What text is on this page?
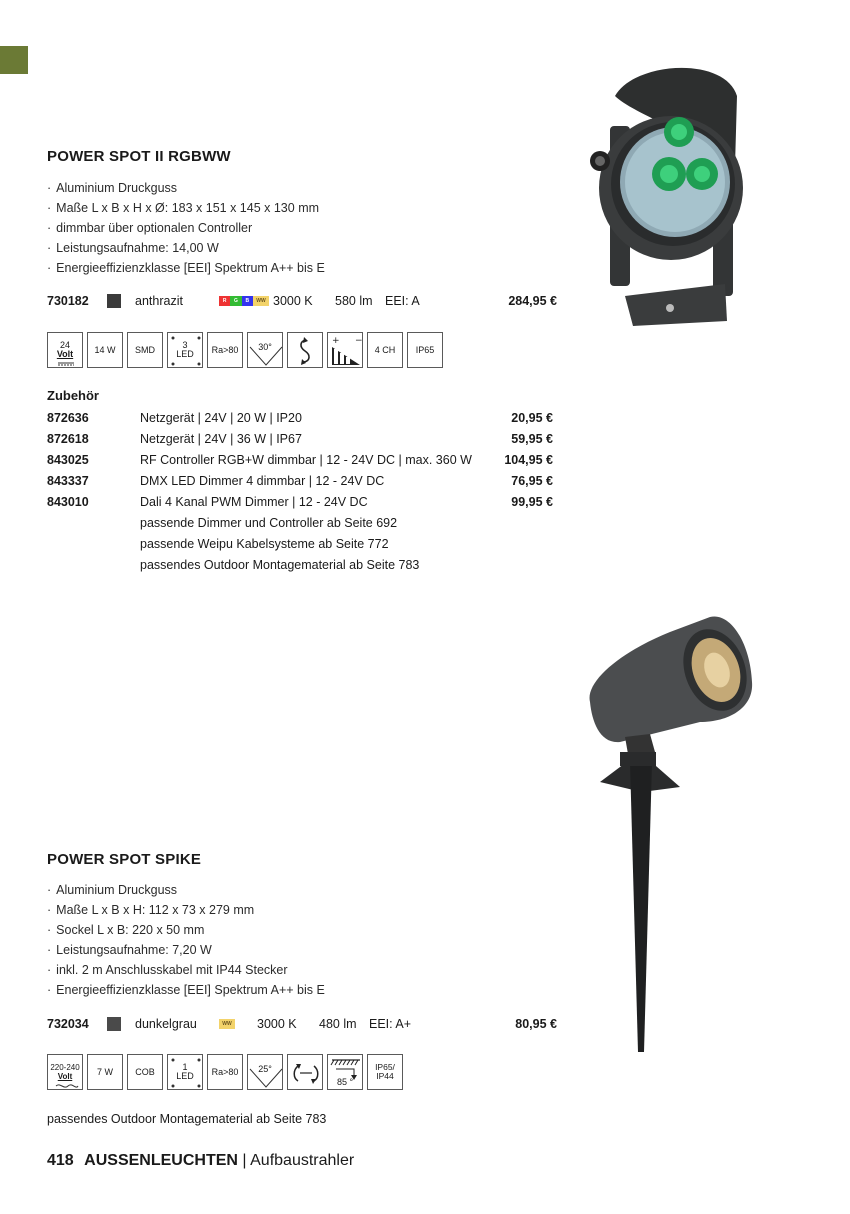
POWER SPOT II RGBWW
· Aluminium Druckguss
· Maße L x B x H x Ø: 183 x 151 x 145 x 130 mm
· dimmbar über optionalen Controller
· Leistungsaufnahme: 14,00 W
· Energieeffizienzklasse [EEI] Spektrum A++ bis E
730182	anthrazit	R	G	B	WW 3000 K	580 lm EEI: A	284,95 €
24
Volt	14 W	SMD	3
LED	Ra>80	30°
+ −
4 CH	IP65
Zubehör
872636	Netzgerät | 24V | 20 W | IP20	20,95 €
872618	Netzgerät | 24V | 36 W | IP67	59,95 €
843025	RF Controller RGB+W dimmbar | 12 - 24V DC | max. 360 W	104,95 €
843337	DMX LED Dimmer 4 dimmbar | 12 - 24V DC	76,95 €
843010	Dali 4 Kanal PWM Dimmer | 12 - 24V DC	99,95 €
	passende Dimmer und Controller ab Seite 692	
	passende Weipu Kabelsysteme ab Seite 772	
	passendes Outdoor Montagematerial ab Seite 783	
POWER SPOT SPIKE
· Aluminium Druckguss
· Maße L x B x H: 112 x 73 x 279 mm
· Sockel L x B: 220 x 50 mm
· Leistungsaufnahme: 7,20 W
· inkl. 2 m Anschlusskabel mit IP44 Stecker
· Energieeffizienzklasse [EEI] Spektrum A++ bis E
732034	dunkelgrau	WW 3000 K	480 lm EEI: A+	80,95 €
220-240
Volt	7 W	COB	1
LED	Ra>80	25°
85 °
IP65/ IP44
passendes Outdoor Montagematerial ab Seite 783
418 AUSSENLEUCHTEN | Aufbaustrahler
